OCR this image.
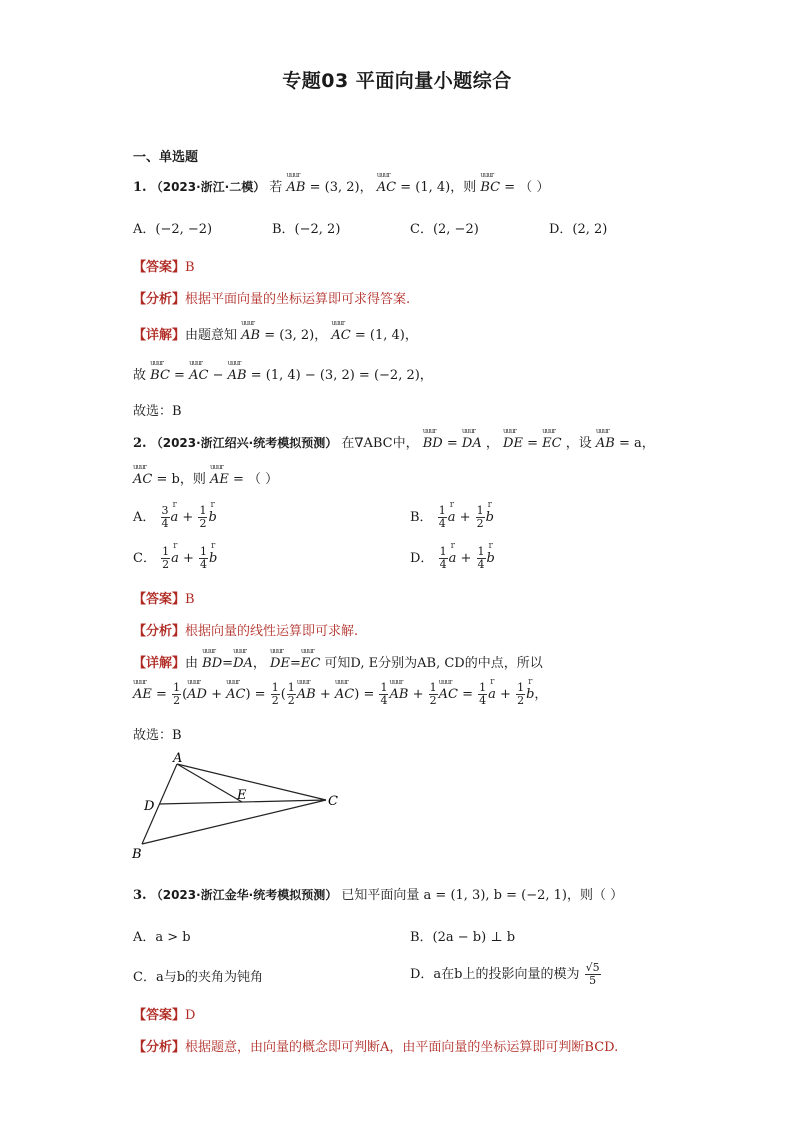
专题03 平面向量小题综合
一、单选题
1. （2023·浙江·二模） 若 uuur AB = (3, 2)， uuur AC = (1, 4)，则 uuur BC = （ ）
A．(−2, −2)	B．(−2, 2)	C．(2, −2)	D．(2, 2)
【答案】B
【分析】根据平面向量的坐标运算即可求得答案.
【详解】由题意知 uuur AB = (3, 2)， uuur AC = (1, 4)，
故 uuur BC = uuur AC − uuur AB = (1, 4) − (3, 2) = (−2, 2)，
故选：B
2. （2023·浙江绍兴·统考模拟预测） 在∇ABC中， uuur BD = uuur DA ， uuur DE = uuur EC ，设 uuur AB = a，
uuur AC = b，则 uuur AE = （ ）
A． $\frac{3}{4}$ r $a + \frac{1}{2}$ r b	B． $\frac{1}{4}$ r $a + \frac{1}{2}$ r b
C． $\frac{1}{2}$ r $a + \frac{1}{4}$ r b	D． $\frac{1}{4}$ r $a + \frac{1}{4}$ r b
【答案】B
【分析】根据向量的线性运算即可求解.
【详解】由 uuur BD=uuur DA， uuur DE=uuur EC 可知D, E分别为AB, CD的中点，所以
uuur AE = $\frac{1}{2}$ (uuur AD + uuur $AC) = \frac{1}{2}$ ( $\frac{1}{2}$ uuur AB + uuur $AC) = \frac{1}{4}$ uuur AB + $\frac{1}{2}$ uuur AC = $\frac{1}{4}$ r $a + \frac{1}{2}$ r b，
故选：B
A
B
C
D
E
3. （2023·浙江金华·统考模拟预测） 已知平面向量 a = (1, 3), b = (−2, 1)，则（ ）
A．a > b	B．(2a − b) ⊥ b
C．a与b的夹角为钝角	D．a在b上的投影向量的模为 $\frac{√5}{5}$
【答案】D
【分析】根据题意，由向量的概念即可判断A，由平面向量的坐标运算即可判断BCD.
